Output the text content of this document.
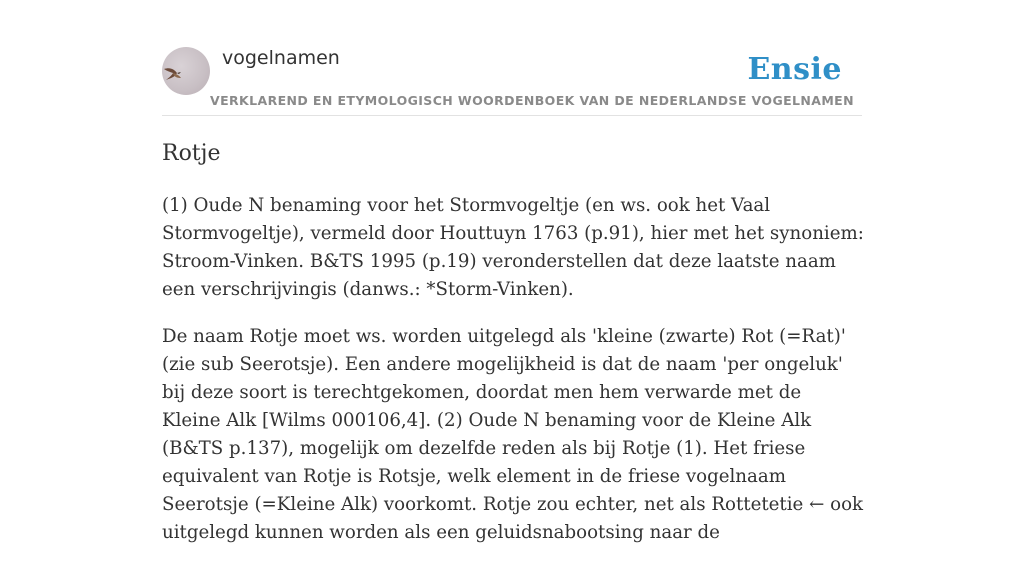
vogelnamen	Ensie
VERKLAREND EN ETYMOLOGISCH WOORDENBOEK VAN DE NEDERLANDSE VOGELNAMEN
Rotje

(1) Oude N benaming voor het Stormvogeltje (en ws. ook het Vaal Stormvogeltje), vermeld door Houttuyn 1763 (p.91), hier met het synoniem: Stroom-Vinken. B&TS 1995 (p.19) veronderstellen dat deze laatste naam een verschrijvingis (danws.: *Storm-Vinken).

De naam Rotje moet ws. worden uitgelegd als 'kleine (zwarte) Rot (=Rat)' (zie sub Seerotsje). Een andere mogelijkheid is dat de naam 'per ongeluk' bij deze soort is terechtgekomen, doordat men hem verwarde met de Kleine Alk [Wilms 000106,4]. (2) Oude N benaming voor de Kleine Alk (B&TS p.137), mogelijk om dezelfde reden als bij Rotje (1). Het friese equivalent van Rotje is Rotsje, welk element in de friese vogelnaam Seerotsje (=Kleine Alk) voorkomt. Rotje zou echter, net als Rottetetie ← ook uitgelegd kunnen worden als een geluidsnabootsing naar de
